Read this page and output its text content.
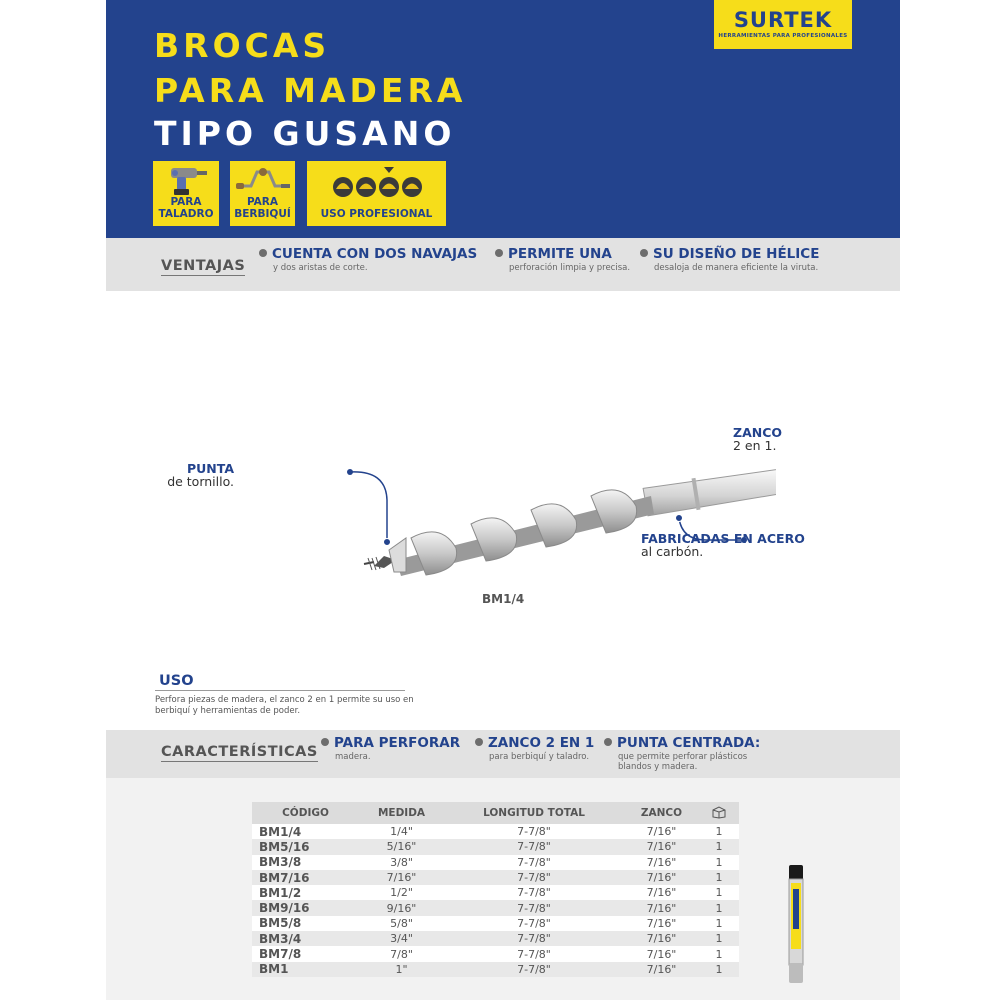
BROCAS
PARA MADERA
TIPO GUSANO
SURTEK
HERRAMIENTAS PARA PROFESIONALES
PARA
TALADRO
PARA
BERBIQUÍ	USO PROFESIONAL
VENTAJAS
CUENTA CON DOS NAVAJAS
y dos aristas de corte.
PERMITE UNA
perforación limpia y precisa.
SU DISEÑO DE HÉLICE
desaloja de manera eficiente la viruta.
PUNTA
de tornillo.
ZANCO
2 en 1.
FABRICADAS EN ACERO
al carbón.
BM1/4
USO
Perfora piezas de madera, el zanco 2 en 1 permite su uso en berbiquí y herramientas de poder.
CARACTERÍSTICAS
PARA PERFORAR
madera.
ZANCO 2 EN 1
para berbiquí y taladro.
PUNTA CENTRADA:
que permite perforar plásticos
blandos y madera.
CÓDIGO	MEDIDA	LONGITUD TOTAL	ZANCO	
BM1/4	1/4"	7-7/8"	7/16"	1
BM5/16	5/16"	7-7/8"	7/16"	1
BM3/8	3/8"	7-7/8"	7/16"	1
BM7/16	7/16"	7-7/8"	7/16"	1
BM1/2	1/2"	7-7/8"	7/16"	1
BM9/16	9/16"	7-7/8"	7/16"	1
BM5/8	5/8"	7-7/8"	7/16"	1
BM3/4	3/4"	7-7/8"	7/16"	1
BM7/8	7/8"	7-7/8"	7/16"	1
BM1	1"	7-7/8"	7/16"	1
